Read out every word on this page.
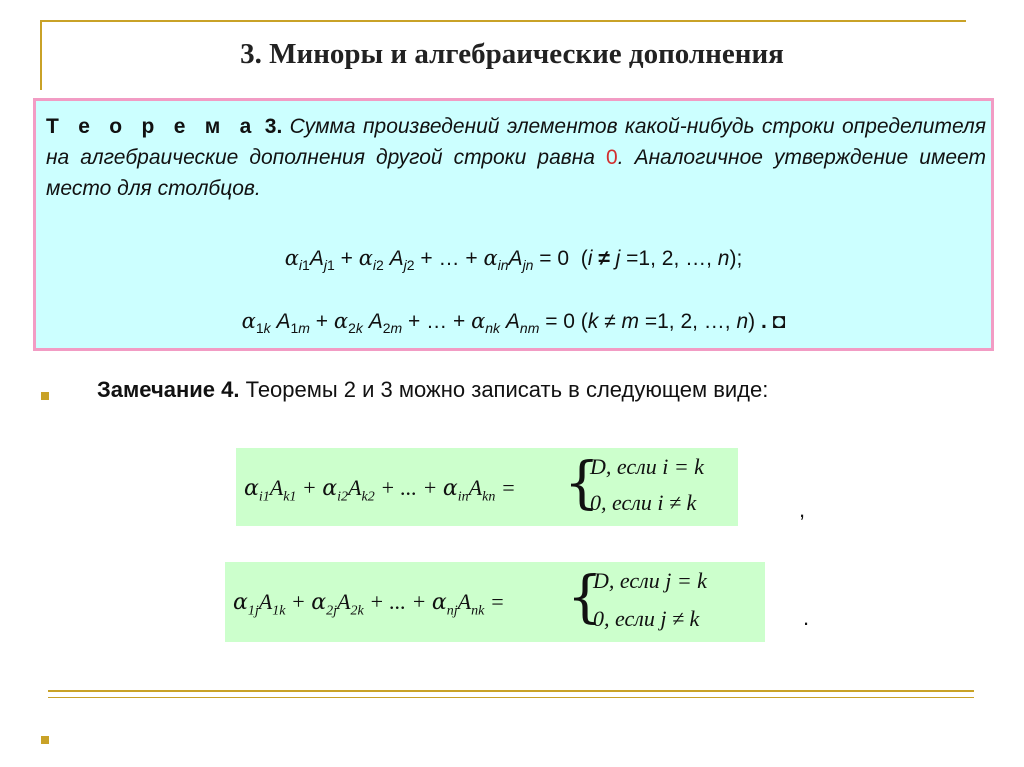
3. Миноры и алгебраические дополнения
Т е о р е м а 3. Сумма произведений элементов какой-нибудь строки определителя на алгебраические дополнения другой строки равна 0. Аналогичное утверждение имеет место для столбцов.
$\alpha_{i1}A_{j1} + \alpha_{i2}$ $A_{j2}$ + … + $\alpha_{in}A_{jn} = 0$  (i ≠ j =1, 2, …, n);
$\alpha_{1k}$ $A_{1m} + \alpha_{2k}$ $A_{2m}$ + … + $\alpha_{nk}$ $A_{nm} = 0$ (k ≠ m =1, 2, …, n) . ◘
Замечание 4. Теоремы 2 и 3 можно записать в следующем виде:
$\alpha_{i1}A_{k1} + \alpha_{i2}A_{k2}$ + ... + $\alpha_{in}A_{kn}$ = {
D, если i = k
0, если i ≠ k	,
$\alpha_{1j}A_{1k} + \alpha_{2j}A_{2k}$ + ... + $\alpha_{nj}A_{nk}$ = {
D, если j = k
0, если j ≠ k	.
